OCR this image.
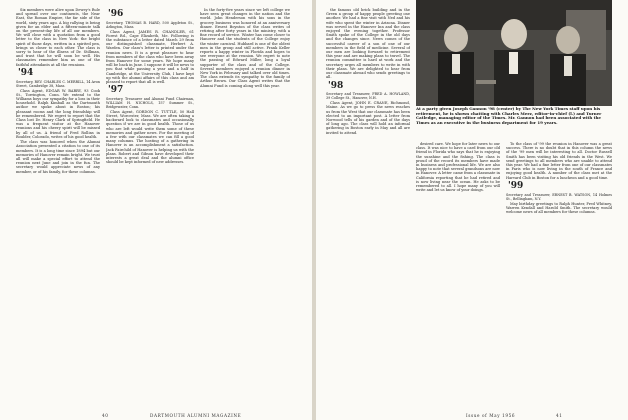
Six members were alive upon Dewey's Rule and spread over our continents, the Near East, the Roman Empire, the far side of the world, sixty years ago. A big rallying is being given for an elder and a fifteen-minute talk on the present-day life of all our members. We will close with a quotation from a good letter to the class in New York: the bright spirit of those days, written in a spirited pen, brings us closer to each other. The class is sorry to hear of the illness of Dr. Stillman, and trust that he will soon be well. His classmates remember him as one of the faithful attendants at all the reunions.

'94
Secretary, REV. CHARLES C. MERRILL, 14 Avon Street, Cambridge 38, Mass.

Class Agent, EDGAR W. BARRY, 93 Cook St., Torrington, Conn. We extend to the Williams boys our sympathy for a loss in their household. Ralph Kimball as the Dartmouth author we spoke about in Boston; his pleasant rooms and the long friendship will be remembered. We regret to report that the Class lost Dr. Henry Clark of Springfield. He was a frequent visitor at the Hanover reunions and his cheery spirit will be missed by all of us. A friend of Fred Rollins in Boulder, Colorado, writes of his good health.

The class was honored when the Alumni Association presented a citation to one of its members. It is a long time since 1894 but our memories of Hanover remain bright. We trust all will make a special effort to attend the reunion next June and join in the fun. The secretary would appreciate news of any member, or of his family, for these columns.

'96
Secretary, THOMAS B. HARD, 500 Appleton St., Arlington, Mass.

Class Agent, JAMES R. CHANDLER, 61 Forest Rd., Cape Elizabeth, Me. Following is the substance of a letter dated March 29 from our distinguished classmate, Herbert A. Warden. Our class's letter is printed under the reunion news. It is a great pleasure to hear from members of the class who have been away from Hanover for some years. We hope many will be back in June. I suppose it will be news to you that while passing a year and a half in Cambridge, at the University Club, I have kept up with the alumni affairs of this class and am pleased to report that all is well.

'97
Secretary, Treasurer and Alumni Fund Chairman, WILLIAM H. NICHOLS, 157 Summer St., Bridgewater, Conn.

Class Agent, GORDON C. TUTTLE, 50 Hall Street, Worcester, Mass. We are often taking a backward look to classmates and occasionally question if we are in good health. Those of us who are left would write them some of these memories and gather news. For the meeting of a few with our classmates we can fill a good many columns. The hosting of a gathering in Hanover is an accomplishment a satisfaction. Jack Fairchild of Hanover is helping us with the plans. Robert and Gibson have developed their interests a great deal and the alumni office should be kept informed of new addresses.

In the forty-five years since we left college we have seen great changes in the nation and the world. John Henderson with his sons in the grocery business was honored at an anniversary dinner. Ernest Boynton of the class writes of retiring after forty years in the ministry, with a fine record of service. Winter has come closer to Hanover and the students of the College enjoy the winter carnival. Hubbard is one of the oldest men in the group and still active. Frank Keller reports a happy winter in Florida and hopes to see everyone at the reunion. We regret to note the passing of Edward Miller, long a loyal supporter of the class and of the College. Several members enjoyed a reunion dinner in New York in February and talked over old times. The class extends its sympathy to the family of Arthur Brown. Our Class Agent writes that the Alumni Fund is coming along well this year.

40	DARTMOUTH ALUMNI MAGAZINE

the famous old brick building and in the Green a group of happy people greeting one another. We had a fine visit with Ned and his wife who spent the winter in Arizona. Dinner was served in the Hanover Inn and the class enjoyed the evening together. Professor Smith spoke of the College in the old days and the changes since. News comes of the successful career of a son of one of our members in the field of medicine. Several of our men are looking forward to retirement this year and are making plans to travel. The reunion committee is hard at work and the secretary urges all members to write in with their plans. We are delighted to hear from our classmate abroad who sends greetings to all.

'98
Secretary and Treasurer, FRED A. HOWLAND, 39 College St., Hanover, N.H.

Class Agent, JOHN E. CRANE, Richmond, Maine. As we go to press the news reaches us from the West that our classmate has been elected to an important post. A letter from Norwood tells of his garden and of the days of long ago. The class will hold an informal gathering in Boston early in May and all are invited to attend.

desired care. We hope for later news to our class. It was nice to have a card from our old friend in Florida who says that he is enjoying the sunshine and the fishing. The class is proud of the record its members have made in business and professional life. We are also happy to note that several grandsons are now in Hanover. A letter came from a classmate in California reporting that he had retired and is now living near the ocean. He asks to be remembered to all. I hope many of you will write and let us know of your doings.

At a party given Joseph Gannon '98 (center) by The New York Times staff upon his retirement, he is shown chatting with Charles Merz, editor-in-chief (l.) and Turner Catledge, managing editor of the Times. Mr. Gannon had been associated with the Times as an executive in the business department for 19 years.

To the class of '99 the reunion in Hanover was a great success. There is no doubt that in this column the news of the '99 men will be interesting to all. Doctor Russell Smith has been visiting his old friends in the West. We send greetings to all members who are unable to attend this year. We had a fine letter from one of our classmates in Paris who is now living in the south of France and enjoying good health. A number of the class met at the Harvard Club in Boston for a luncheon and a good time.

'99
Secretary and Treasurer, ERNEST B. WATSON, 14 Holmes St., Bellingham, N.Y.

May birthday greetings to Ralph Hunter, Fred Whitney, Warren Kendall and Harold Smith. The secretary would welcome news of all members for these columns.

Issue of May 1956	41
